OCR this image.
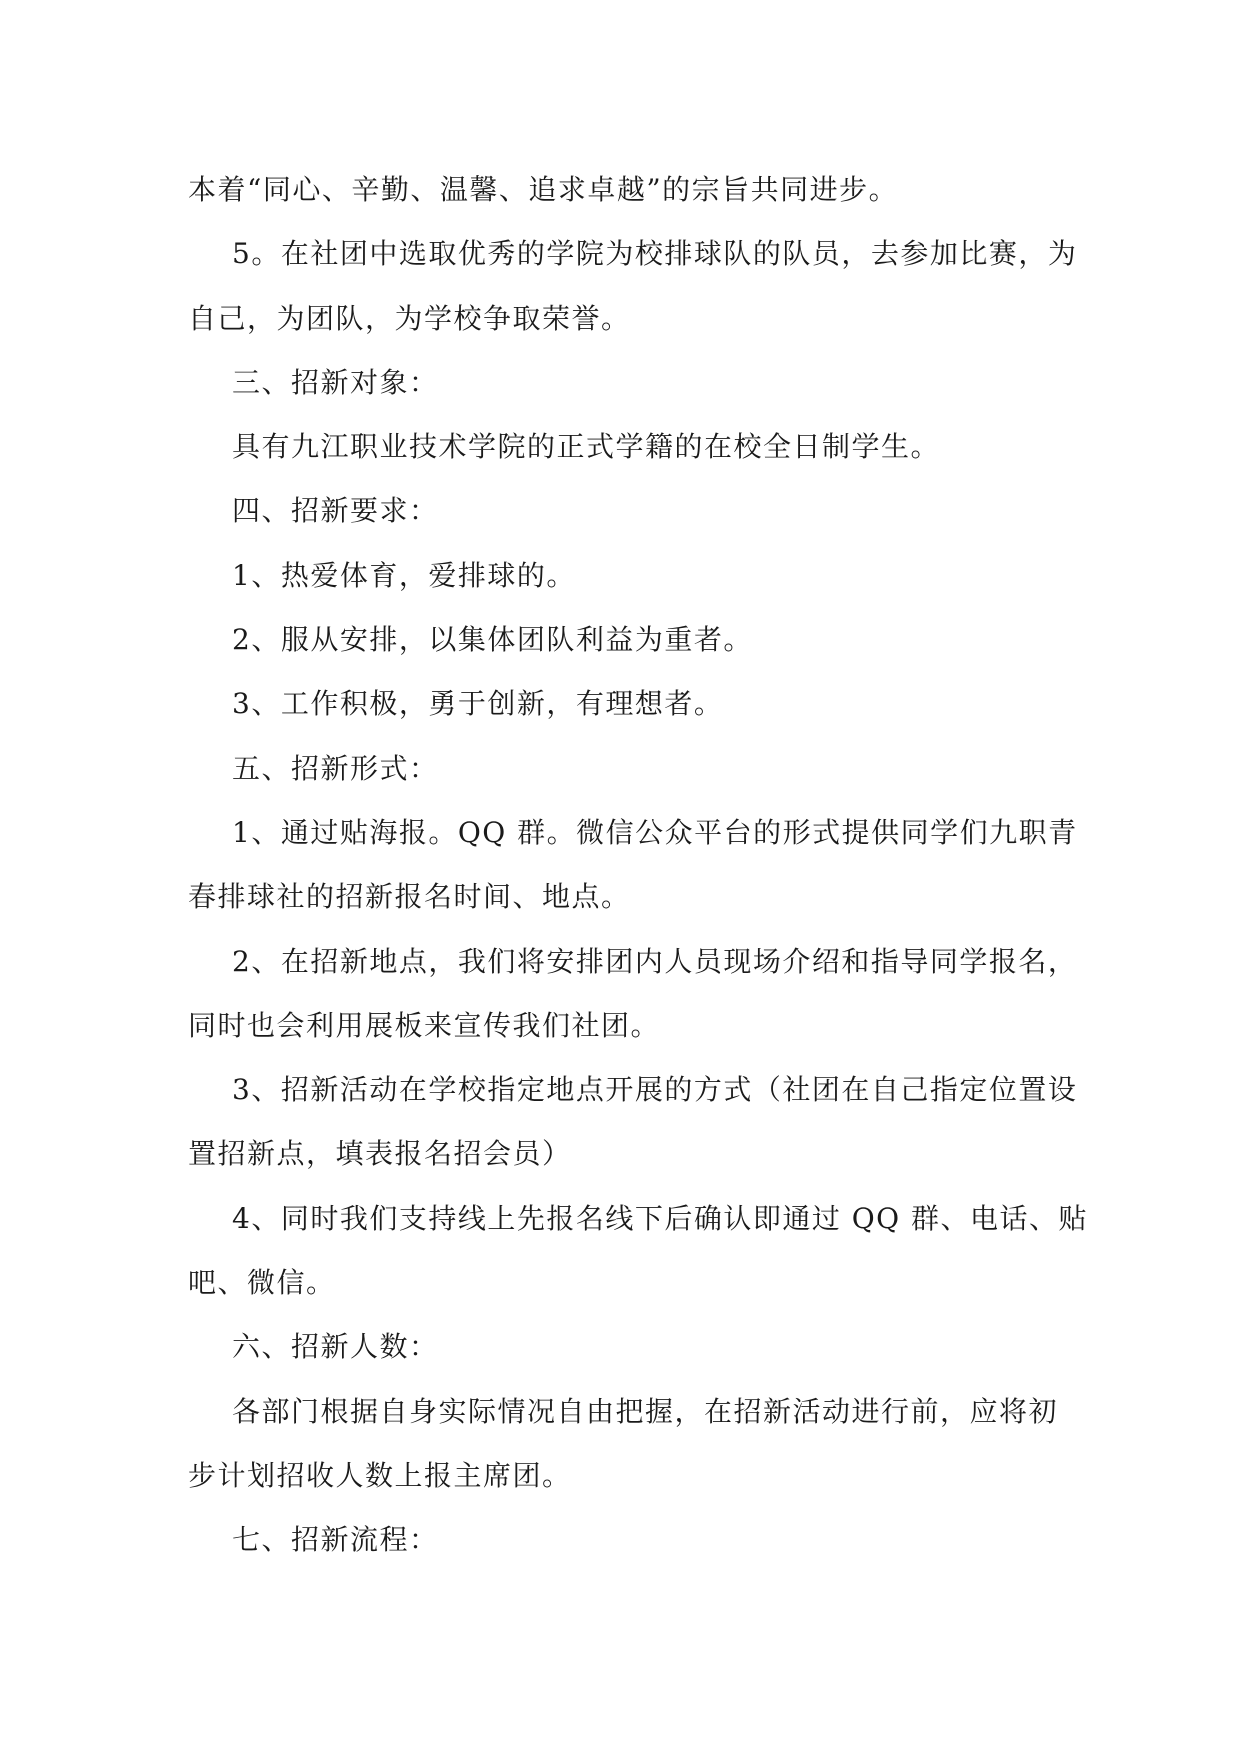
本着“同心、辛勤、温馨、追求卓越”的宗旨共同进步。
5。在社团中选取优秀的学院为校排球队的队员，去参加比赛，为
自己，为团队，为学校争取荣誉。
三、招新对象：
具有九江职业技术学院的正式学籍的在校全日制学生。
四、招新要求：
1、热爱体育，爱排球的。
2、服从安排，以集体团队利益为重者。
3、工作积极，勇于创新，有理想者。
五、招新形式：
1、通过贴海报。QQ 群。微信公众平台的形式提供同学们九职青
春排球社的招新报名时间、地点。
2、在招新地点，我们将安排团内人员现场介绍和指导同学报名，
同时也会利用展板来宣传我们社团。
3、招新活动在学校指定地点开展的方式（社团在自己指定位置设
置招新点，填表报名招会员）
4、同时我们支持线上先报名线下后确认即通过 QQ 群、电话、贴
吧、微信。
六、招新人数：
各部门根据自身实际情况自由把握，在招新活动进行前，应将初
步计划招收人数上报主席团。
七、招新流程：
